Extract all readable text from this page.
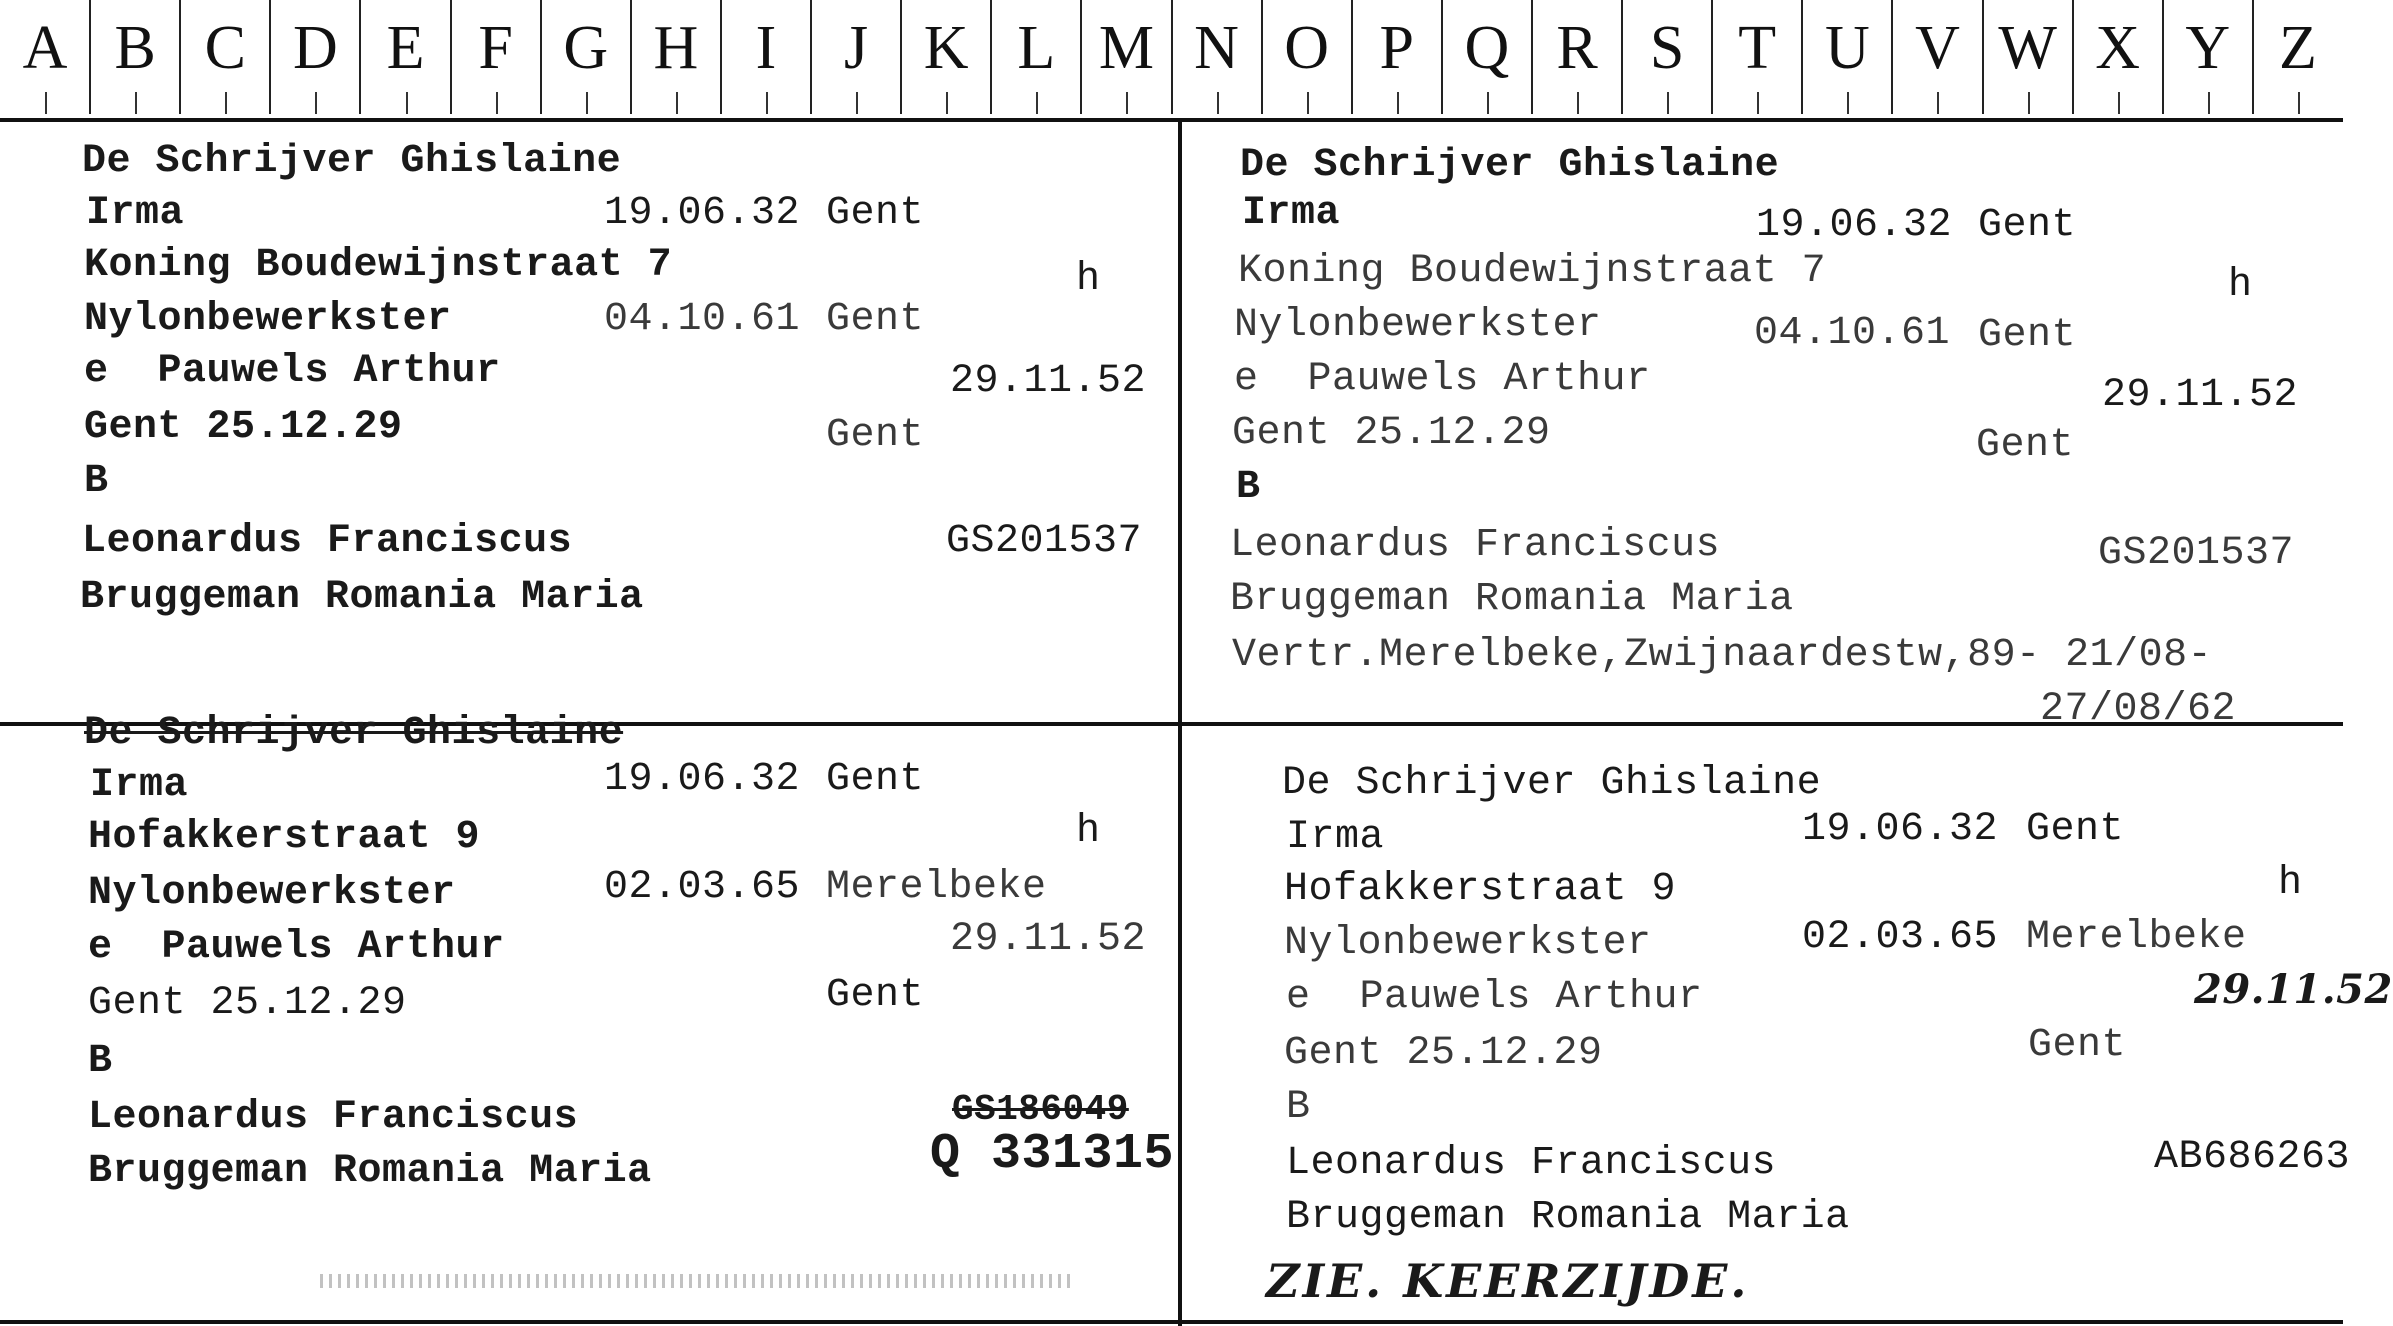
A B C D E F G H I	J K L M N O P Q R S T U V W X Y Z
De Schrijver Ghislaine
Irma	19.06.32 Gent
Koning Boudewijnstraat 7	h
Nylonbewerkster	04.10.61 Gent
e  Pauwels Arthur	29.11.52
Gent 25.12.29	Gent
B
Leonardus Franciscus	GS201537
Bruggeman Romania Maria
De Schrijver Ghislaine
Irma	19.06.32 Gent
Koning Boudewijnstraat 7	h
Nylonbewerkster	04.10.61 Gent
e  Pauwels Arthur	29.11.52
Gent 25.12.29	Gent
B
Leonardus Franciscus	GS201537
Bruggeman Romania Maria
Vertr.Merelbeke,Zwijnaardestw,89- 21/08-
27/08/62
De Schrijver Ghislaine
Irma	19.06.32 Gent
Hofakkerstraat 9	h
Nylonbewerkster	02.03.65 Merelbeke
e  Pauwels Arthur	29.11.52
Gent 25.12.29	Gent
B
Leonardus Franciscus	GS186049
Q 331315
Bruggeman Romania Maria
De Schrijver Ghislaine
Irma	19.06.32 Gent
Hofakkerstraat 9	h
Nylonbewerkster	02.03.65 Merelbeke
e  Pauwels Arthur	29.11.52
Gent 25.12.29	Gent
B
Leonardus Franciscus	AB686263
Bruggeman Romania Maria
ZIE. KEERZIJDE.
